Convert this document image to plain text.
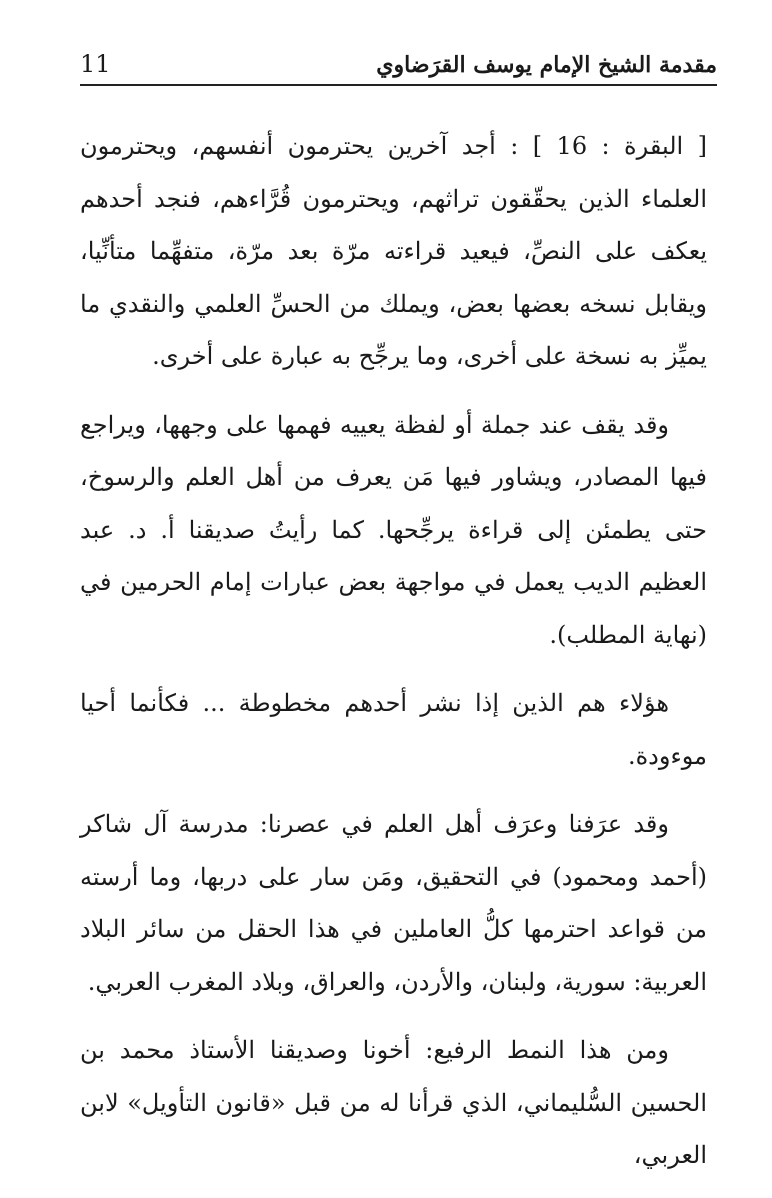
مقدمة الشيخ الإمام يوسف القرَضاوي
11

[ البقرة : 16 ] : أجد آخرين يحترمون أنفسهم، ويحترمون العلماء الذين يحقّقون تراثهم، ويحترمون قُرَّاءهم، فنجد أحدهم يعكف على النصِّ، فيعيد قراءته مرّة بعد مرّة، متفهِّما متأنِّيا، ويقابل نسخه بعضها بعض، ويملك من الحسِّ العلمي والنقدي ما يميِّز به نسخة على أخرى، وما يرجِّح به عبارة على أخرى.

وقد يقف عند جملة أو لفظة يعييه فهمها على وجهها، ويراجع فيها المصادر، ويشاور فيها مَن يعرف من أهل العلم والرسوخ، حتى يطمئن إلى قراءة يرجِّحها. كما رأيتُ صديقنا أ. د. عبد العظيم الديب يعمل في مواجهة بعض عبارات إمام الحرمين في (نهاية المطلب).

هؤلاء هم الذين إذا نشر أحدهم مخطوطة ... فكأنما أحيا موءودة.

وقد عرَفنا وعرَف أهل العلم في عصرنا: مدرسة آل شاكر (أحمد ومحمود) في التحقيق، ومَن سار على دربها، وما أرسته من قواعد احترمها كلُّ العاملين في هذا الحقل من سائر البلاد العربية: سورية، ولبنان، والأردن، والعراق، وبلاد المغرب العربي.

ومن هذا النمط الرفيع: أخونا وصديقنا الأستاذ محمد بن الحسين السُّليماني، الذي قرأنا له من قبل «قانون التأويل» لابن العربي،
